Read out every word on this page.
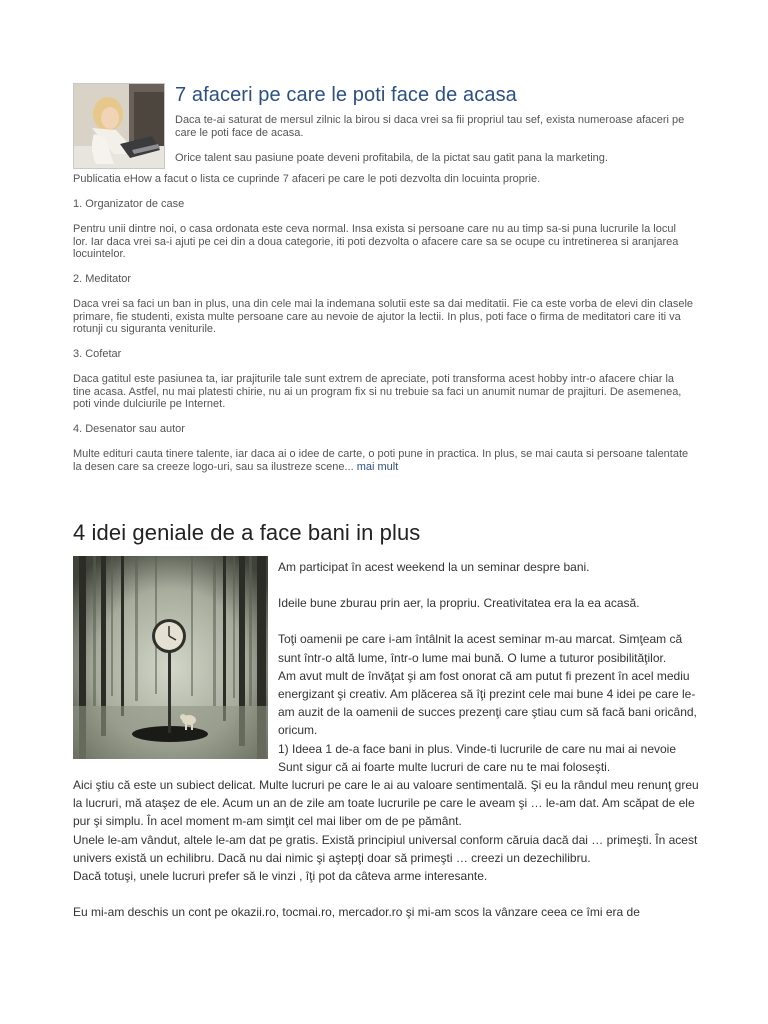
7 afaceri pe care le poti face de acasa

Daca te-ai saturat de mersul zilnic la birou si daca vrei sa fii propriul tau sef, exista numeroase afaceri pe care le poti face de acasa.

Orice talent sau pasiune poate deveni profitabila, de la pictat sau gatit pana la marketing.

Publicatia eHow a facut o lista ce cuprinde 7 afaceri pe care le poti dezvolta din locuinta proprie.

1. Organizator de case

Pentru unii dintre noi, o casa ordonata este ceva normal. Insa exista si persoane care nu au timp sa-si puna lucrurile la locul lor. Iar daca vrei sa-i ajuti pe cei din a doua categorie, iti poti dezvolta o afacere care sa se ocupe cu intretinerea si aranjarea locuintelor.

2. Meditator

Daca vrei sa faci un ban in plus, una din cele mai la indemana solutii este sa dai meditatii. Fie ca este vorba de elevi din clasele primare, fie studenti, exista multe persoane care au nevoie de ajutor la lectii. In plus, poti face o firma de meditatori care iti va rotunji cu siguranta veniturile.

3. Cofetar

Daca gatitul este pasiunea ta, iar prajiturile tale sunt extrem de apreciate, poti transforma acest hobby intr-o afacere chiar la tine acasa. Astfel, nu mai platesti chirie, nu ai un program fix si nu trebuie sa faci un anumit numar de prajituri. De asemenea, poti vinde dulciurile pe Internet.

4. Desenator sau autor

Multe edituri cauta tinere talente, iar daca ai o idee de carte, o poti pune in practica. In plus, se mai cauta si persoane talentate la desen care sa creeze logo-uri, sau sa ilustreze scene... mai mult

4 idei geniale de a face bani in plus

Am participat în acest weekend la un seminar despre bani.

Ideile bune zburau prin aer, la propriu. Creativitatea era la ea acasă.

Toţi oamenii pe care i-am întâlnit la acest seminar m-au marcat. Simţeam că sunt într-o altă lume, într-o lume mai bună. O lume a tuturor posibilităţilor.

Am avut mult de învăţat şi am fost onorat că am putut fi prezent în acel mediu energizant şi creativ. Am plăcerea să îţi prezint cele mai bune 4 idei pe care le-am auzit de la oamenii de succes prezenţi care ştiau cum să facă bani oricând, oricum.

1) Ideea 1 de-a face bani in plus. Vinde-ti lucrurile de care nu mai ai nevoie Sunt sigur că ai foarte multe lucruri de care nu te mai foloseşti.

Aici ştiu că este un subiect delicat. Multe lucruri pe care le ai au valoare sentimentală. Şi eu la rândul meu renunţ greu la lucruri, mă ataşez de ele. Acum un an de zile am toate lucrurile pe care le aveam şi … le-am dat. Am scăpat de ele pur şi simplu. În acel moment m-am simţit cel mai liber om de pe pământ.

Unele le-am vândut, altele le-am dat pe gratis. Există principiul universal conform căruia dacă dai … primeşti. În acest univers există un echilibru. Dacă nu dai nimic şi aştepţi doar să primeşti … creezi un dezechilibru.

Dacă totuşi, unele lucruri prefer să le vinzi , îţi pot da câteva arme interesante.

Eu mi-am deschis un cont pe okazii.ro, tocmai.ro, mercador.ro şi mi-am scos la vânzare ceea ce îmi era de
